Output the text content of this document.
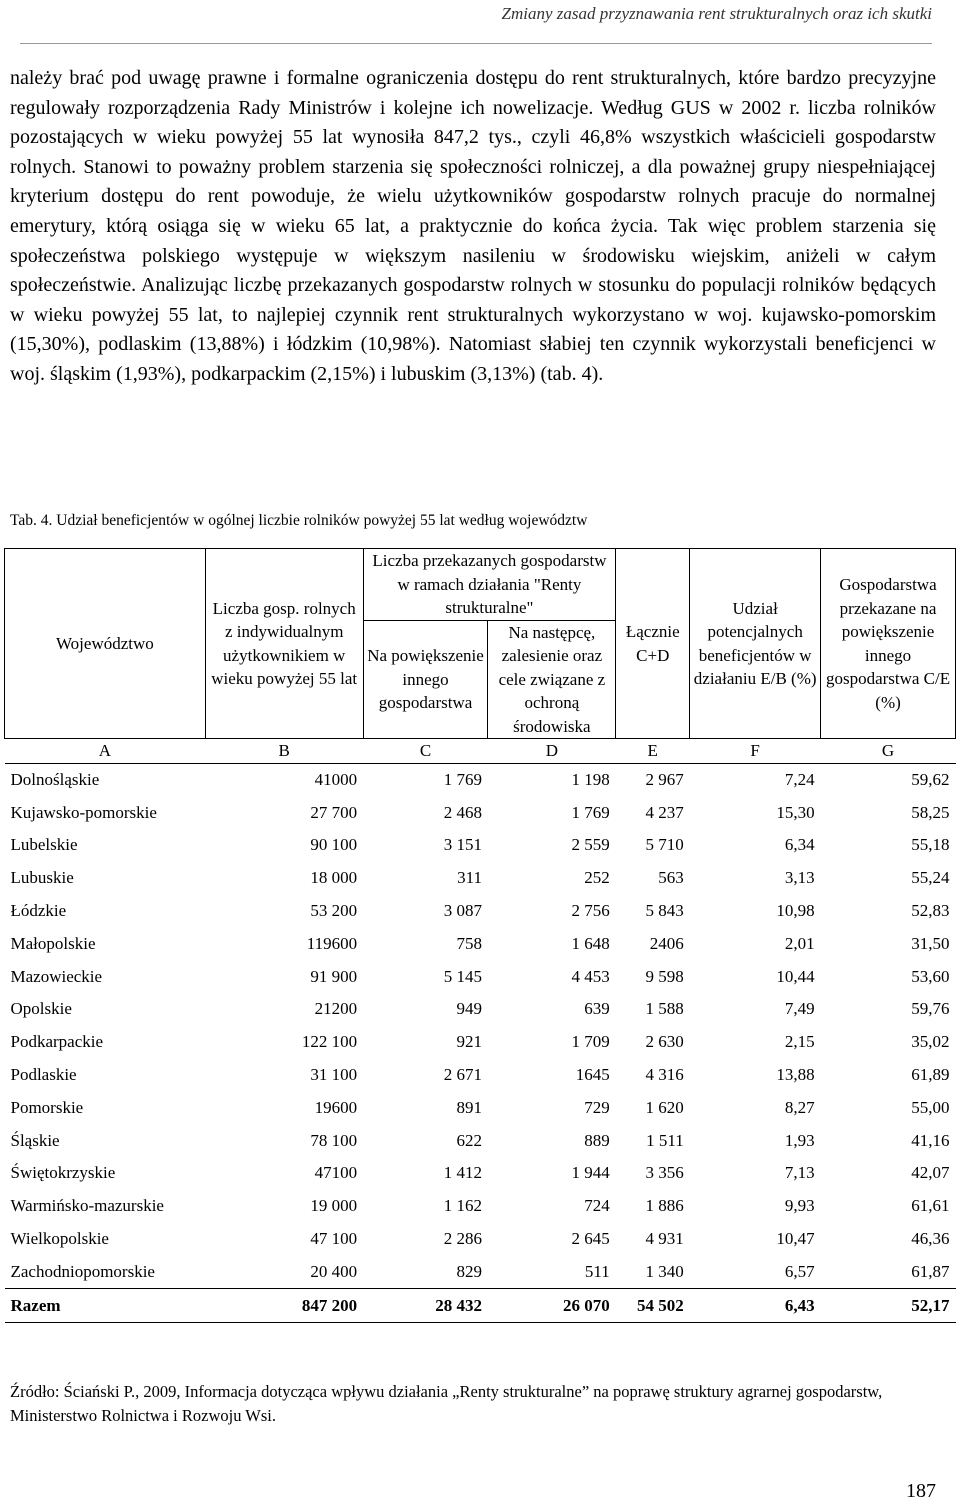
Zmiany zasad przyznawania rent strukturalnych oraz ich skutki
należy brać pod uwagę prawne i formalne ograniczenia dostępu do rent strukturalnych, które bardzo precyzyjne regulowały rozporządzenia Rady Ministrów i kolejne ich nowelizacje. Według GUS w 2002 r. liczba rolników pozostających w wieku powyżej 55 lat wynosiła 847,2 tys., czyli 46,8% wszystkich właścicieli gospodarstw rolnych. Stanowi to poważny problem starzenia się społeczności rolniczej, a dla poważnej grupy niespełniającej kryterium dostępu do rent powoduje, że wielu użytkowników gospodarstw rolnych pracuje do normalnej emerytury, którą osiąga się w wieku 65 lat, a praktycznie do końca życia. Tak więc problem starzenia się społeczeństwa polskiego występuje w większym nasileniu w środowisku wiejskim, aniżeli w całym społeczeństwie. Analizując liczbę przekazanych gospodarstw rolnych w stosunku do populacji rolników będących w wieku powyżej 55 lat, to najlepiej czynnik rent strukturalnych wykorzystano w woj. kujawsko-pomorskim (15,30%), podlaskim (13,88%) i łódzkim (10,98%). Natomiast słabiej ten czynnik wykorzystali beneficjenci w woj. śląskim (1,93%), podkarpackim (2,15%) i lubuskim (3,13%) (tab. 4).
Tab. 4. Udział beneficjentów w ogólnej liczbie rolników powyżej 55 lat według województw
Województwo	Liczba gosp. rolnych z indywidualnym użytkownikiem w wieku powyżej 55 lat	Liczba przekazanych gospodarstw w ramach działania "Renty strukturalne"		Łącznie C+D	Udział potencjalnych beneficjentów w działaniu E/B (%)	Gospodarstwa przekazane na powiększenie innego gospodarstwa C/E (%)
		Na powiększenie innego gospodarstwa	Na następcę, zalesienie oraz cele związane z ochroną środowiska			
A	B	C	D	E	F	G
Dolnośląskie	41000	1 769	1 198	2 967	7,24	59,62
Kujawsko-pomorskie	27 700	2 468	1 769	4 237	15,30	58,25
Lubelskie	90 100	3 151	2 559	5 710	6,34	55,18
Lubuskie	18 000	311	252	563	3,13	55,24
Łódzkie	53 200	3 087	2 756	5 843	10,98	52,83
Małopolskie	119600	758	1 648	2406	2,01	31,50
Mazowieckie	91 900	5 145	4 453	9 598	10,44	53,60
Opolskie	21200	949	639	1 588	7,49	59,76
Podkarpackie	122 100	921	1 709	2 630	2,15	35,02
Podlaskie	31 100	2 671	1645	4 316	13,88	61,89
Pomorskie	19600	891	729	1 620	8,27	55,00
Śląskie	78 100	622	889	1 511	1,93	41,16
Świętokrzyskie	47100	1 412	1 944	3 356	7,13	42,07
Warmińsko-mazurskie	19 000	1 162	724	1 886	9,93	61,61
Wielkopolskie	47 100	2 286	2 645	4 931	10,47	46,36
Zachodniopomorskie	20 400	829	511	1 340	6,57	61,87
Razem	847 200	28 432	26 070	54 502	6,43	52,17
Źródło: Ściański P., 2009, Informacja dotycząca wpływu działania „Renty strukturalne” na poprawę struktury agrarnej gospodarstw, Ministerstwo Rolnictwa i Rozwoju Wsi.
187
